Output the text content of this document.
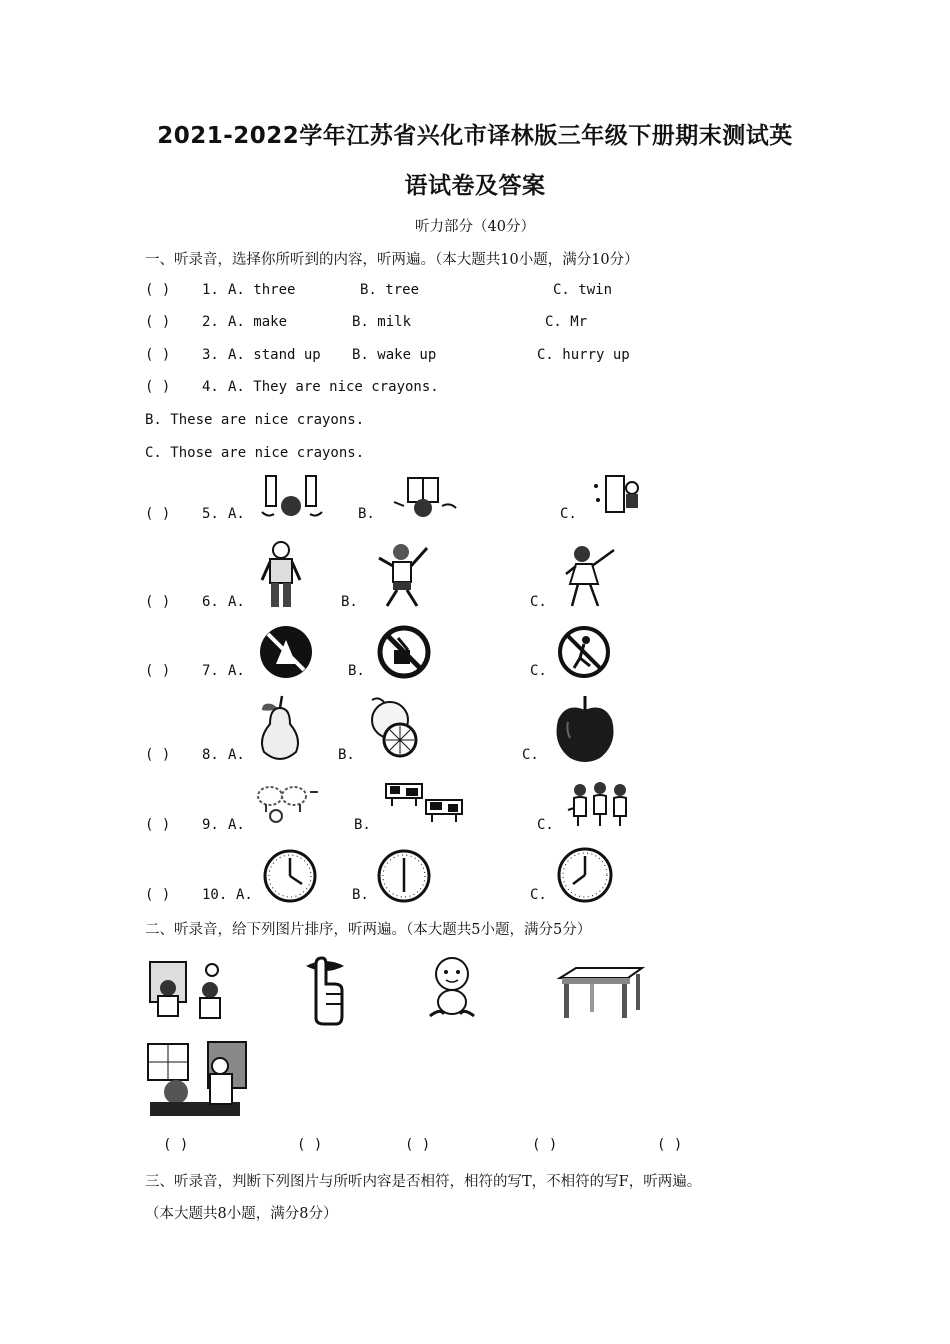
2021-2022学年江苏省兴化市译林版三年级下册期末测试英
语试卷及答案
听力部分（40分）
一、听录音，选择你所听到的内容，听两遍。（本大题共10小题，满分10分）
( ) 1. A. three	B. tree	C. twin
( ) 2. A. make	B. milk	C. Mr
( ) 3. A. stand up B. wake up	C. hurry up
( ) 4. A. They are nice crayons.
B. These are nice crayons.
C. Those are nice crayons.
( ) 5. A.	B.	C.
( ) 6. A.	B.	C.
( ) 7. A.	B.	C.
( ) 8. A.	B.	C.
( ) 9. A.	B.	C.
( ) 10. A.	B.	C.
二、听录音，给下列图片排序，听两遍。（本大题共5小题，满分5分）
( )	( )	( )	( )	( )
三、听录音，判断下列图片与所听内容是否相符，相符的写T，不相符的写F，听两遍。
（本大题共8小题，满分8分）
